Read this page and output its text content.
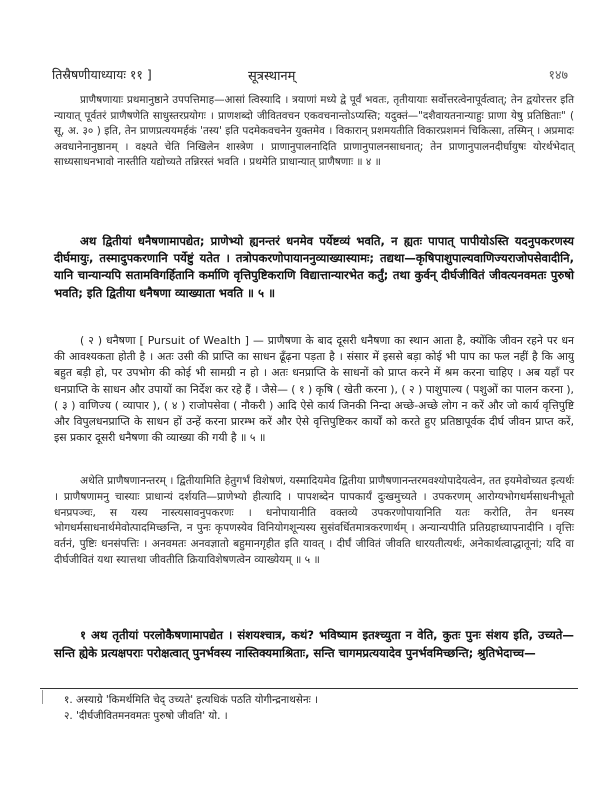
तिस्रैषणीयाध्यायः ११ ]	सूत्रस्थानम्	१४७

प्राणैषणायाः प्रथमानुष्ठाने उपपत्तिमाह—आसां त्विस्यादि । त्रयाणां मध्ये द्वे पूर्वं भवतः, तृतीयायाः सर्वोत्तरत्वेनापूर्वत्वात्; तेन द्वयोरत्तर इति न्यायात् पूर्वतरं प्राणैषणेति साधुस्तरप्रयोगः । प्राणशब्दो जीवितवचन एकवचनान्तोऽप्यस्ति; यदुक्तं—"दशैवायतनान्याहुः प्राणा येषु प्रतिष्ठिताः" ( सू, अ. ३० ) इति, तेन प्राणप्रत्ययमर्हकं 'तस्य' इति पदमेकवचनेन युक्तमेव । विकारान् प्रशमयतीति विकारप्रशमनं चिकित्सा, तस्मिन् । अप्रमादः अवधानेनानुष्ठानम् । वक्ष्यते चेति निखिलेन शास्त्रेण । प्राणानुपालनादिति प्राणानुपालनसाधनात्; तेन प्राणानुपालनदीर्घायुषः योरर्थभेदात् साध्यसाधनभावो नास्तीति यद्योच्यते तन्निरस्तं भवति । प्रथमेति प्राधान्यात् प्राणैषणाः ॥ ४ ॥

अथ द्वितीयां धनैषणामापद्येत; प्राणेभ्यो ह्यनन्तरं धनमेव पर्येष्टव्यं भवति, न ह्यतः पापात् पापीयोऽस्ति यदनुपकरणस्य दीर्घमायुः, तस्मादुपकरणानि पर्येष्टुं यतेत । तत्रोपकरणोपायाननुव्याख्यास्यामः; तद्यथा—कृषिपाशुपाल्यवाणिज्यराजोपसेवादीनि, यानि चान्यान्यपि सतामविगर्हितानि कर्माणि वृत्तिपुष्टिकराणि विद्यात्तान्यारभेत कर्तुं; तथा कुर्वन् दीर्घजीवितं जीवत्यनवमतः पुरुषो भवति; इति द्वितीया धनैषणा व्याख्याता भवति ॥ ५ ॥

( २ ) धनैषणा [ Pursuit of Wealth ] — प्राणैषणा के बाद दूसरी धनैषणा का स्थान आता है, क्योंकि जीवन रहने पर धन की आवश्यकता होती है । अतः उसी की प्राप्ति का साधन ढूँढ़ना पड़ता है । संसार में इससे बड़ा कोई भी पाप का फल नहीं है कि आयु बहुत बड़ी हो, पर उपभोग की कोई भी सामग्री न हो । अतः धनप्राप्ति के साधनों को प्राप्त करने में श्रम करना चाहिए । अब यहाँ पर धनप्राप्ति के साधन और उपायों का निर्देश कर रहे हैं । जैसे— ( १ ) कृषि ( खेती करना ), ( २ ) पाशुपाल्य ( पशुओं का पालन करना ), ( ३ ) वाणिज्य ( व्यापार ), ( ४ ) राजोपसेवा ( नौकरी ) आदि ऐसे कार्य जिनकी निन्दा अच्छे-अच्छे लोग न करें और जो कार्य वृत्तिपुष्टि और विपुलधनप्राप्ति के साधन हों उन्हें करना प्रारम्भ करें और ऐसे वृत्तिपुष्टिकर कार्यों को करते हुए प्रतिष्ठापूर्वक दीर्घ जीवन प्राप्त करें, इस प्रकार दूसरी धनैषणा की व्याख्या की गयी है ॥ ५ ॥

अथेति प्राणैषणानन्तरम् । द्वितीयामिति हेतुगर्भं विशेषणं, यस्मादियमेव द्वितीया प्राणैषणानन्तरमवश्योपादेयत्वेन, तत इयमेवोच्यत इत्यर्थः । प्राणैषणामनु चास्याः प्राधान्यं दर्शयति—प्राणेभ्यो हीत्यादि । पापशब्देन पापकार्यं दुःखमुच्यते । उपकरणम् आरोग्यभोगधर्मसाधनीभूतो धनप्रपञ्चः, स यस्य नास्त्यसावनुपकरणः । धनोपायानीति वक्तव्ये उपकरणोपायानिति यतः करोति, तेन धनस्य भोगधर्मसाधनार्थमेवोत्पादमिच्छन्ति, न पुनः कृपणस्येव विनियोगशून्यस्य सुसंवर्धितमात्रकरणार्थम् । अन्यान्यपीति प्रतिग्रहाध्यापनादीनि । वृत्तिः वर्तनं, पुष्टिः धनसंपत्तिः । अनवमतः अनवज्ञातो बहुमानगृहीत इति यावत् । दीर्घं जीवितं जीवति धारयतीत्यर्थः, अनेकार्थत्वाद्धातूनां; यदि वा दीर्घजीवितं यथा स्यात्तथा जीवतीति क्रियाविशेषणत्वेन व्याख्येयम् ॥ ५ ॥

१ अथ तृतीयां परलोकैषणामापद्येत । संशयश्चात्र, कथं? भविष्याम इतश्च्युता न वेति, कुतः पुनः संशय इति, उच्यते—सन्ति ह्येके प्रत्यक्षपराः परोक्षत्वात् पुनर्भवस्य नास्तिक्यमाश्रिताः, सन्ति चागमप्रत्ययादेव पुनर्भवमिच्छन्ति; श्रुतिभेदाच्च—

१. अस्याग्रे 'किमर्थमिति चेद् उच्यते' इत्यधिकं पठति योगीन्द्रनाथसेनः ।
२. 'दीर्घजीवितमनवमतः पुरुषो जीवति' यो. ।
